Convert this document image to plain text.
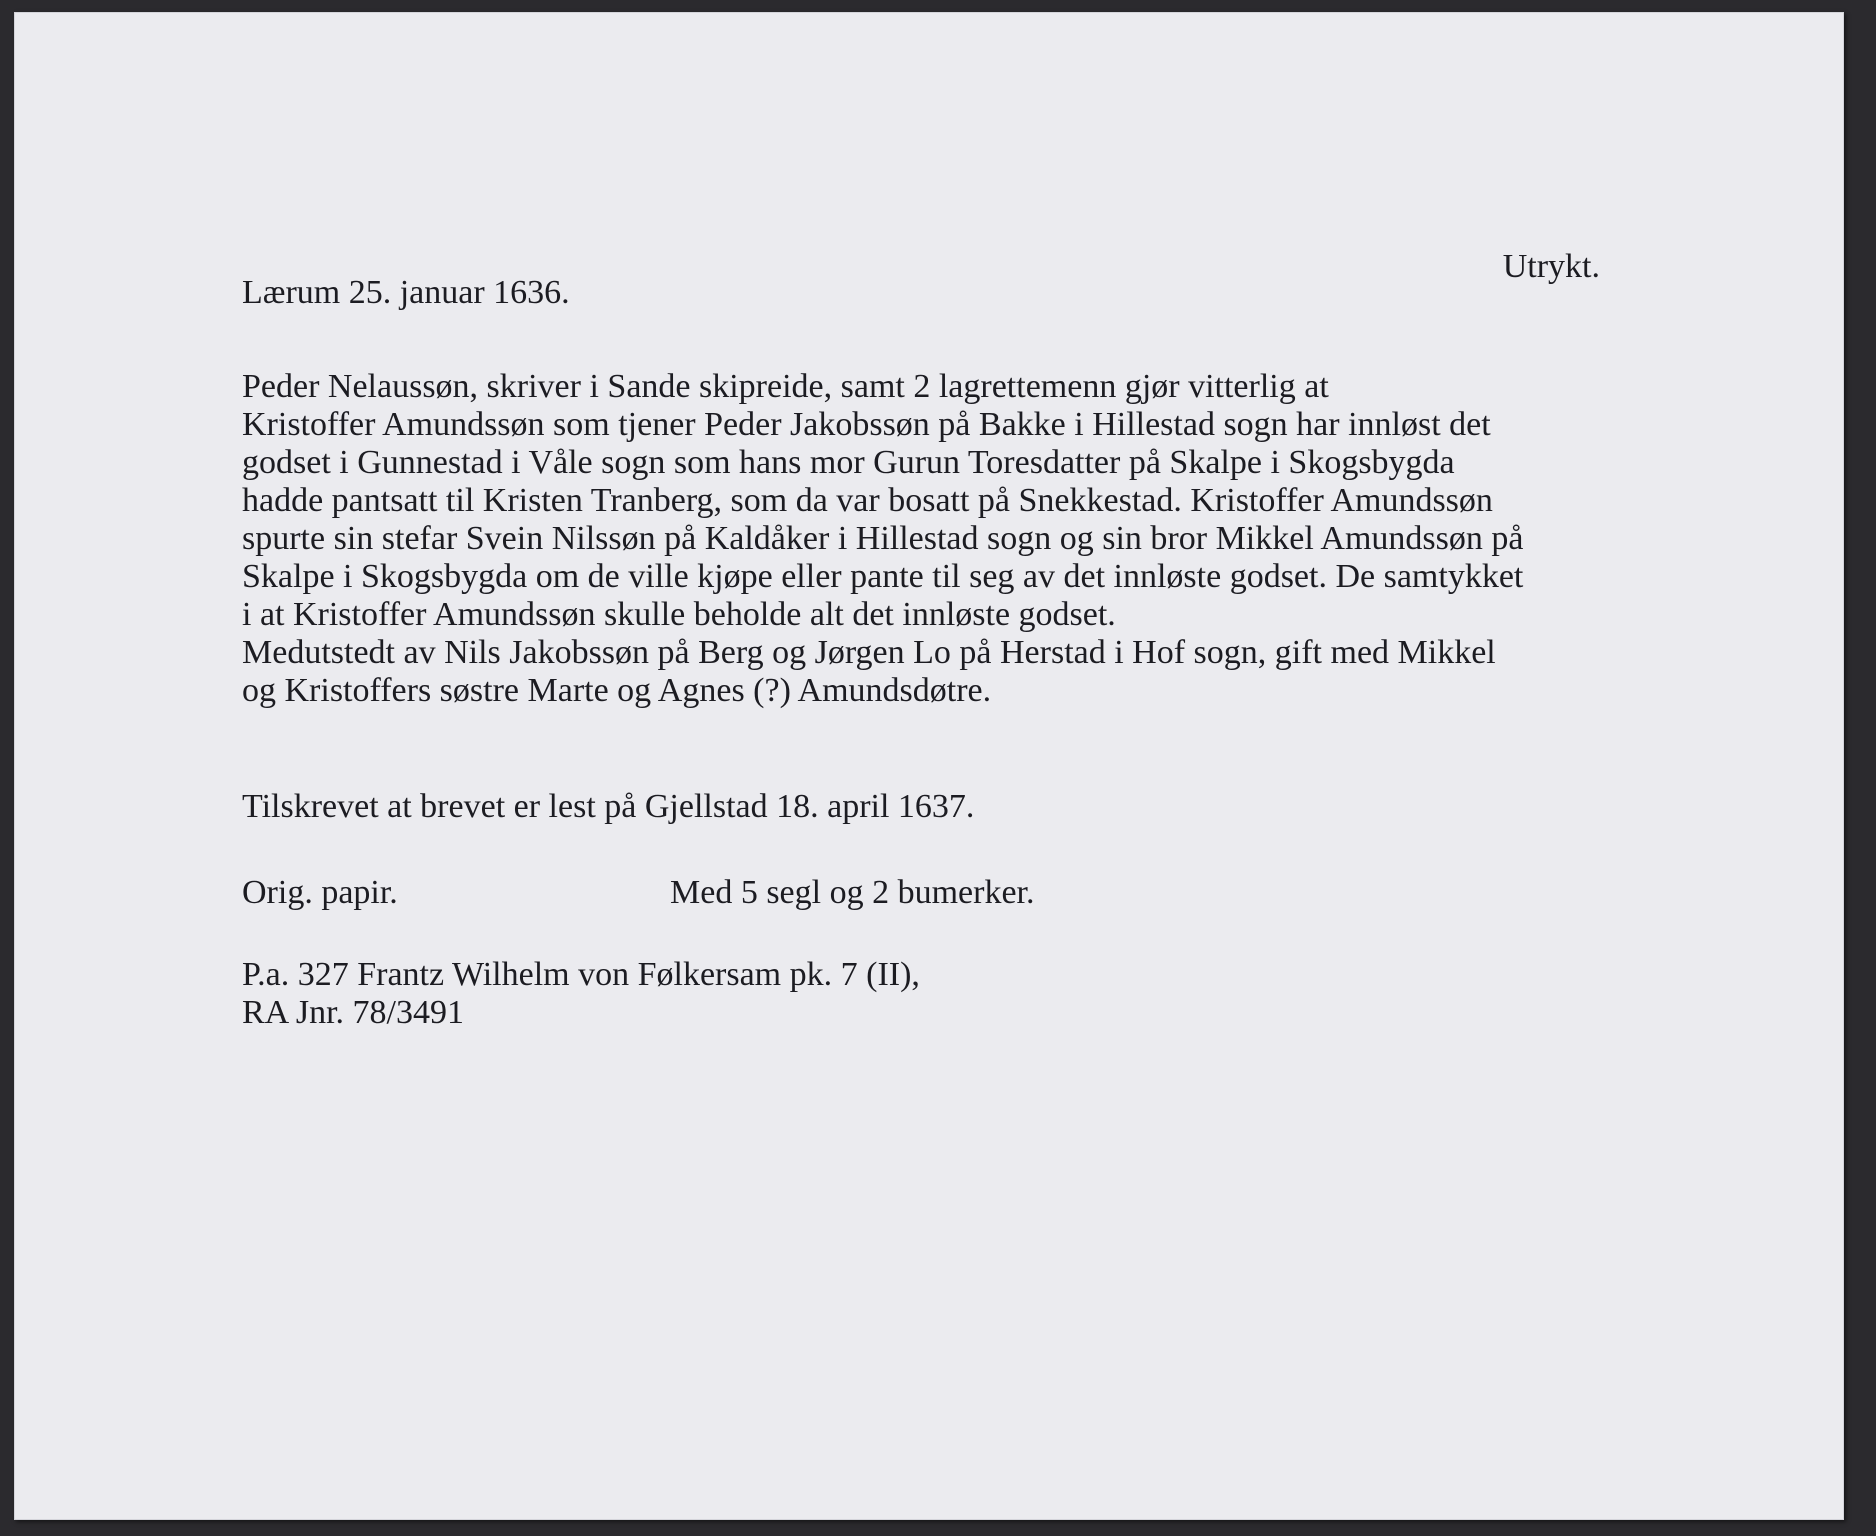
Utrykt.
Lærum 25. januar 1636.
Peder Nelaussøn, skriver i Sande skipreide, samt 2 lagrettemenn gjør vitterlig at
Kristoffer Amundssøn som tjener Peder Jakobssøn på Bakke i Hillestad sogn har innløst det
godset i Gunnestad i Våle sogn som hans mor Gurun Toresdatter på Skalpe i Skogsbygda
hadde pantsatt til Kristen Tranberg, som da var bosatt på Snekkestad. Kristoffer Amundssøn
spurte sin stefar Svein Nilssøn på Kaldåker i Hillestad sogn og sin bror Mikkel Amundssøn på
Skalpe i Skogsbygda om de ville kjøpe eller pante til seg av det innløste godset. De samtykket
i at Kristoffer Amundssøn skulle beholde alt det innløste godset.
Medutstedt av Nils Jakobssøn på Berg og Jørgen Lo på Herstad i Hof sogn, gift med Mikkel
og Kristoffers søstre Marte og Agnes (?) Amundsdøtre.
Tilskrevet at brevet er lest på Gjellstad 18. april 1637.
Orig. papir.	Med 5 segl og 2 bumerker.
P.a. 327 Frantz Wilhelm von Følkersam pk. 7 (II),
RA Jnr. 78/3491
